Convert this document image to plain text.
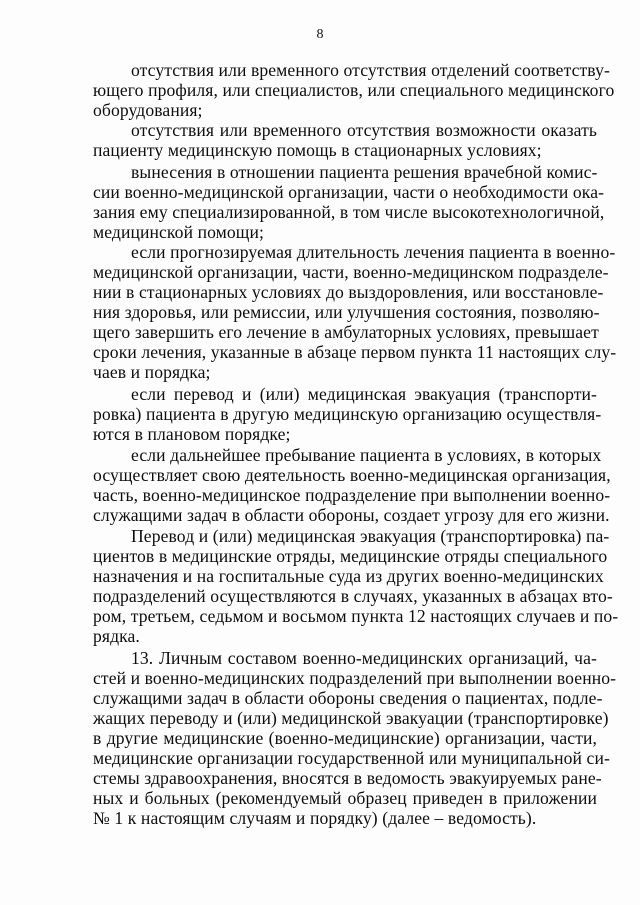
8
отсутствия или временного отсутствия отделений соответству-
ющего профиля, или специалистов, или специального медицинского
оборудования;
отсутствия или временного отсутствия возможности оказать
пациенту медицинскую помощь в стационарных условиях;
вынесения в отношении пациента решения врачебной комис-
сии военно-медицинской организации, части о необходимости ока-
зания ему специализированной, в том числе высокотехнологичной,
медицинской помощи;
если прогнозируемая длительность лечения пациента в военно-
медицинской организации, части, военно-медицинском подразделе-
нии в стационарных условиях до выздоровления, или восстановле-
ния здоровья, или ремиссии, или улучшения состояния, позволяю-
щего завершить его лечение в амбулаторных условиях, превышает
сроки лечения, указанные в абзаце первом пункта 11 настоящих слу-
чаев и порядка;
если перевод и (или) медицинская эвакуация (транспорти-
ровка) пациента в другую медицинскую организацию осуществля-
ются в плановом порядке;
если дальнейшее пребывание пациента в условиях, в которых
осуществляет свою деятельность военно-медицинская организация,
часть, военно-медицинское подразделение при выполнении военно-
служащими задач в области обороны, создает угрозу для его жизни.
Перевод и (или) медицинская эвакуация (транспортировка) па-
циентов в медицинские отряды, медицинские отряды специального
назначения и на госпитальные суда из других военно-медицинских
подразделений осуществляются в случаях, указанных в абзацах вто-
ром, третьем, седьмом и восьмом пункта 12 настоящих случаев и по-
рядка.
13. Личным составом военно-медицинских организаций, ча-
стей и военно-медицинских подразделений при выполнении военно-
служащими задач в области обороны сведения о пациентах, подле-
жащих переводу и (или) медицинской эвакуации (транспортировке)
в другие медицинские (военно-медицинские) организации, части,
медицинские организации государственной или муниципальной си-
стемы здравоохранения, вносятся в ведомость эвакуируемых ране-
ных и больных (рекомендуемый образец приведен в приложении
№ 1 к настоящим случаям и порядку) (далее – ведомость).
